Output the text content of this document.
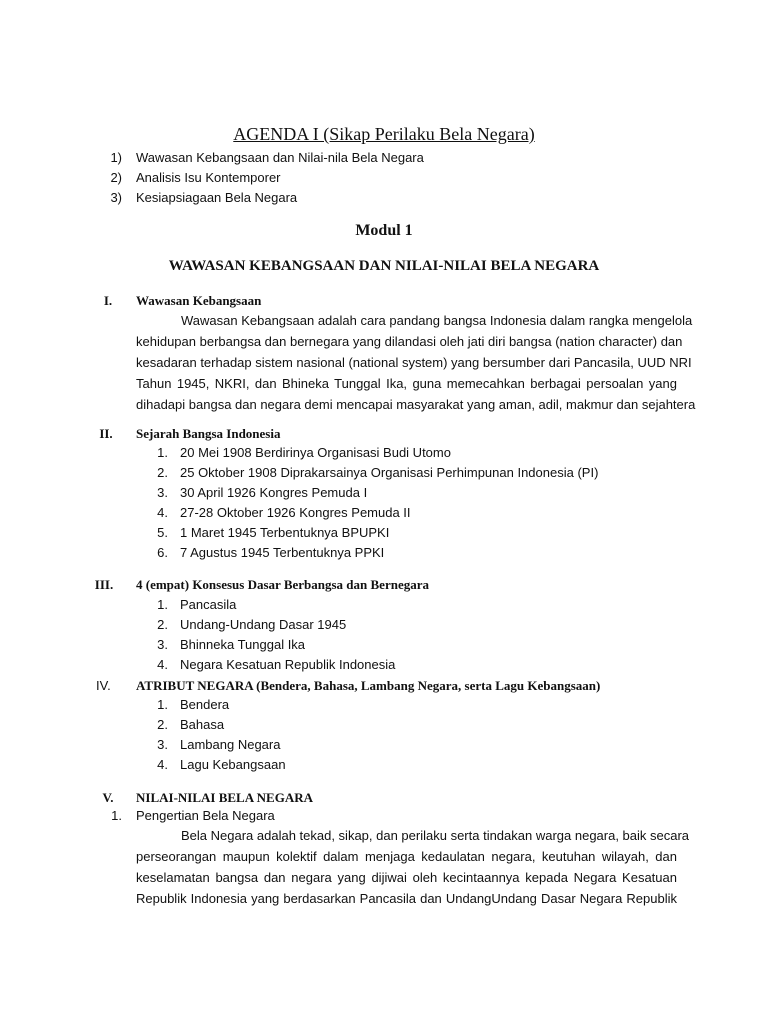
AGENDA I (Sikap Perilaku Bela Negara)
1) Wawasan Kebangsaan dan Nilai-nila Bela Negara
2) Analisis Isu Kontemporer
3) Kesiapsiagaan Bela Negara
Modul 1
WAWASAN KEBANGSAAN DAN NILAI-NILAI BELA NEGARA
I.	Wawasan Kebangsaan
Wawasan Kebangsaan adalah cara pandang bangsa Indonesia dalam rangka mengelola
kehidupan berbangsa dan bernegara yang dilandasi oleh jati diri bangsa (nation character) dan
kesadaran terhadap sistem nasional (national system) yang bersumber dari Pancasila, UUD NRI
Tahun 1945, NKRI, dan Bhineka Tunggal Ika, guna memecahkan berbagai persoalan yang
dihadapi bangsa dan negara demi mencapai masyarakat yang aman, adil, makmur dan sejahtera
II.	Sejarah Bangsa Indonesia
1. 20 Mei 1908 Berdirinya Organisasi Budi Utomo
2. 25 Oktober 1908 Diprakarsainya Organisasi Perhimpunan Indonesia (PI)
3. 30 April 1926 Kongres Pemuda I
4. 27-28 Oktober 1926 Kongres Pemuda II
5. 1 Maret 1945 Terbentuknya BPUPKI
6. 7 Agustus 1945 Terbentuknya PPKI
III.	4 (empat) Konsesus Dasar Berbangsa dan Bernegara
1. Pancasila
2. Undang-Undang Dasar 1945
3. Bhinneka Tunggal Ika
4. Negara Kesatuan Republik Indonesia
IV. ATRIBUT NEGARA (Bendera, Bahasa, Lambang Negara, serta Lagu Kebangsaan)
1. Bendera
2. Bahasa
3. Lambang Negara
4. Lagu Kebangsaan
V.	NILAI-NILAI BELA NEGARA
1. Pengertian Bela Negara
Bela Negara adalah tekad, sikap, dan perilaku serta tindakan warga negara, baik secara
perseorangan maupun kolektif dalam menjaga kedaulatan negara, keutuhan wilayah, dan
keselamatan bangsa dan negara yang dijiwai oleh kecintaannya kepada Negara Kesatuan
Republik Indonesia yang berdasarkan Pancasila dan UndangUndang Dasar Negara Republik
